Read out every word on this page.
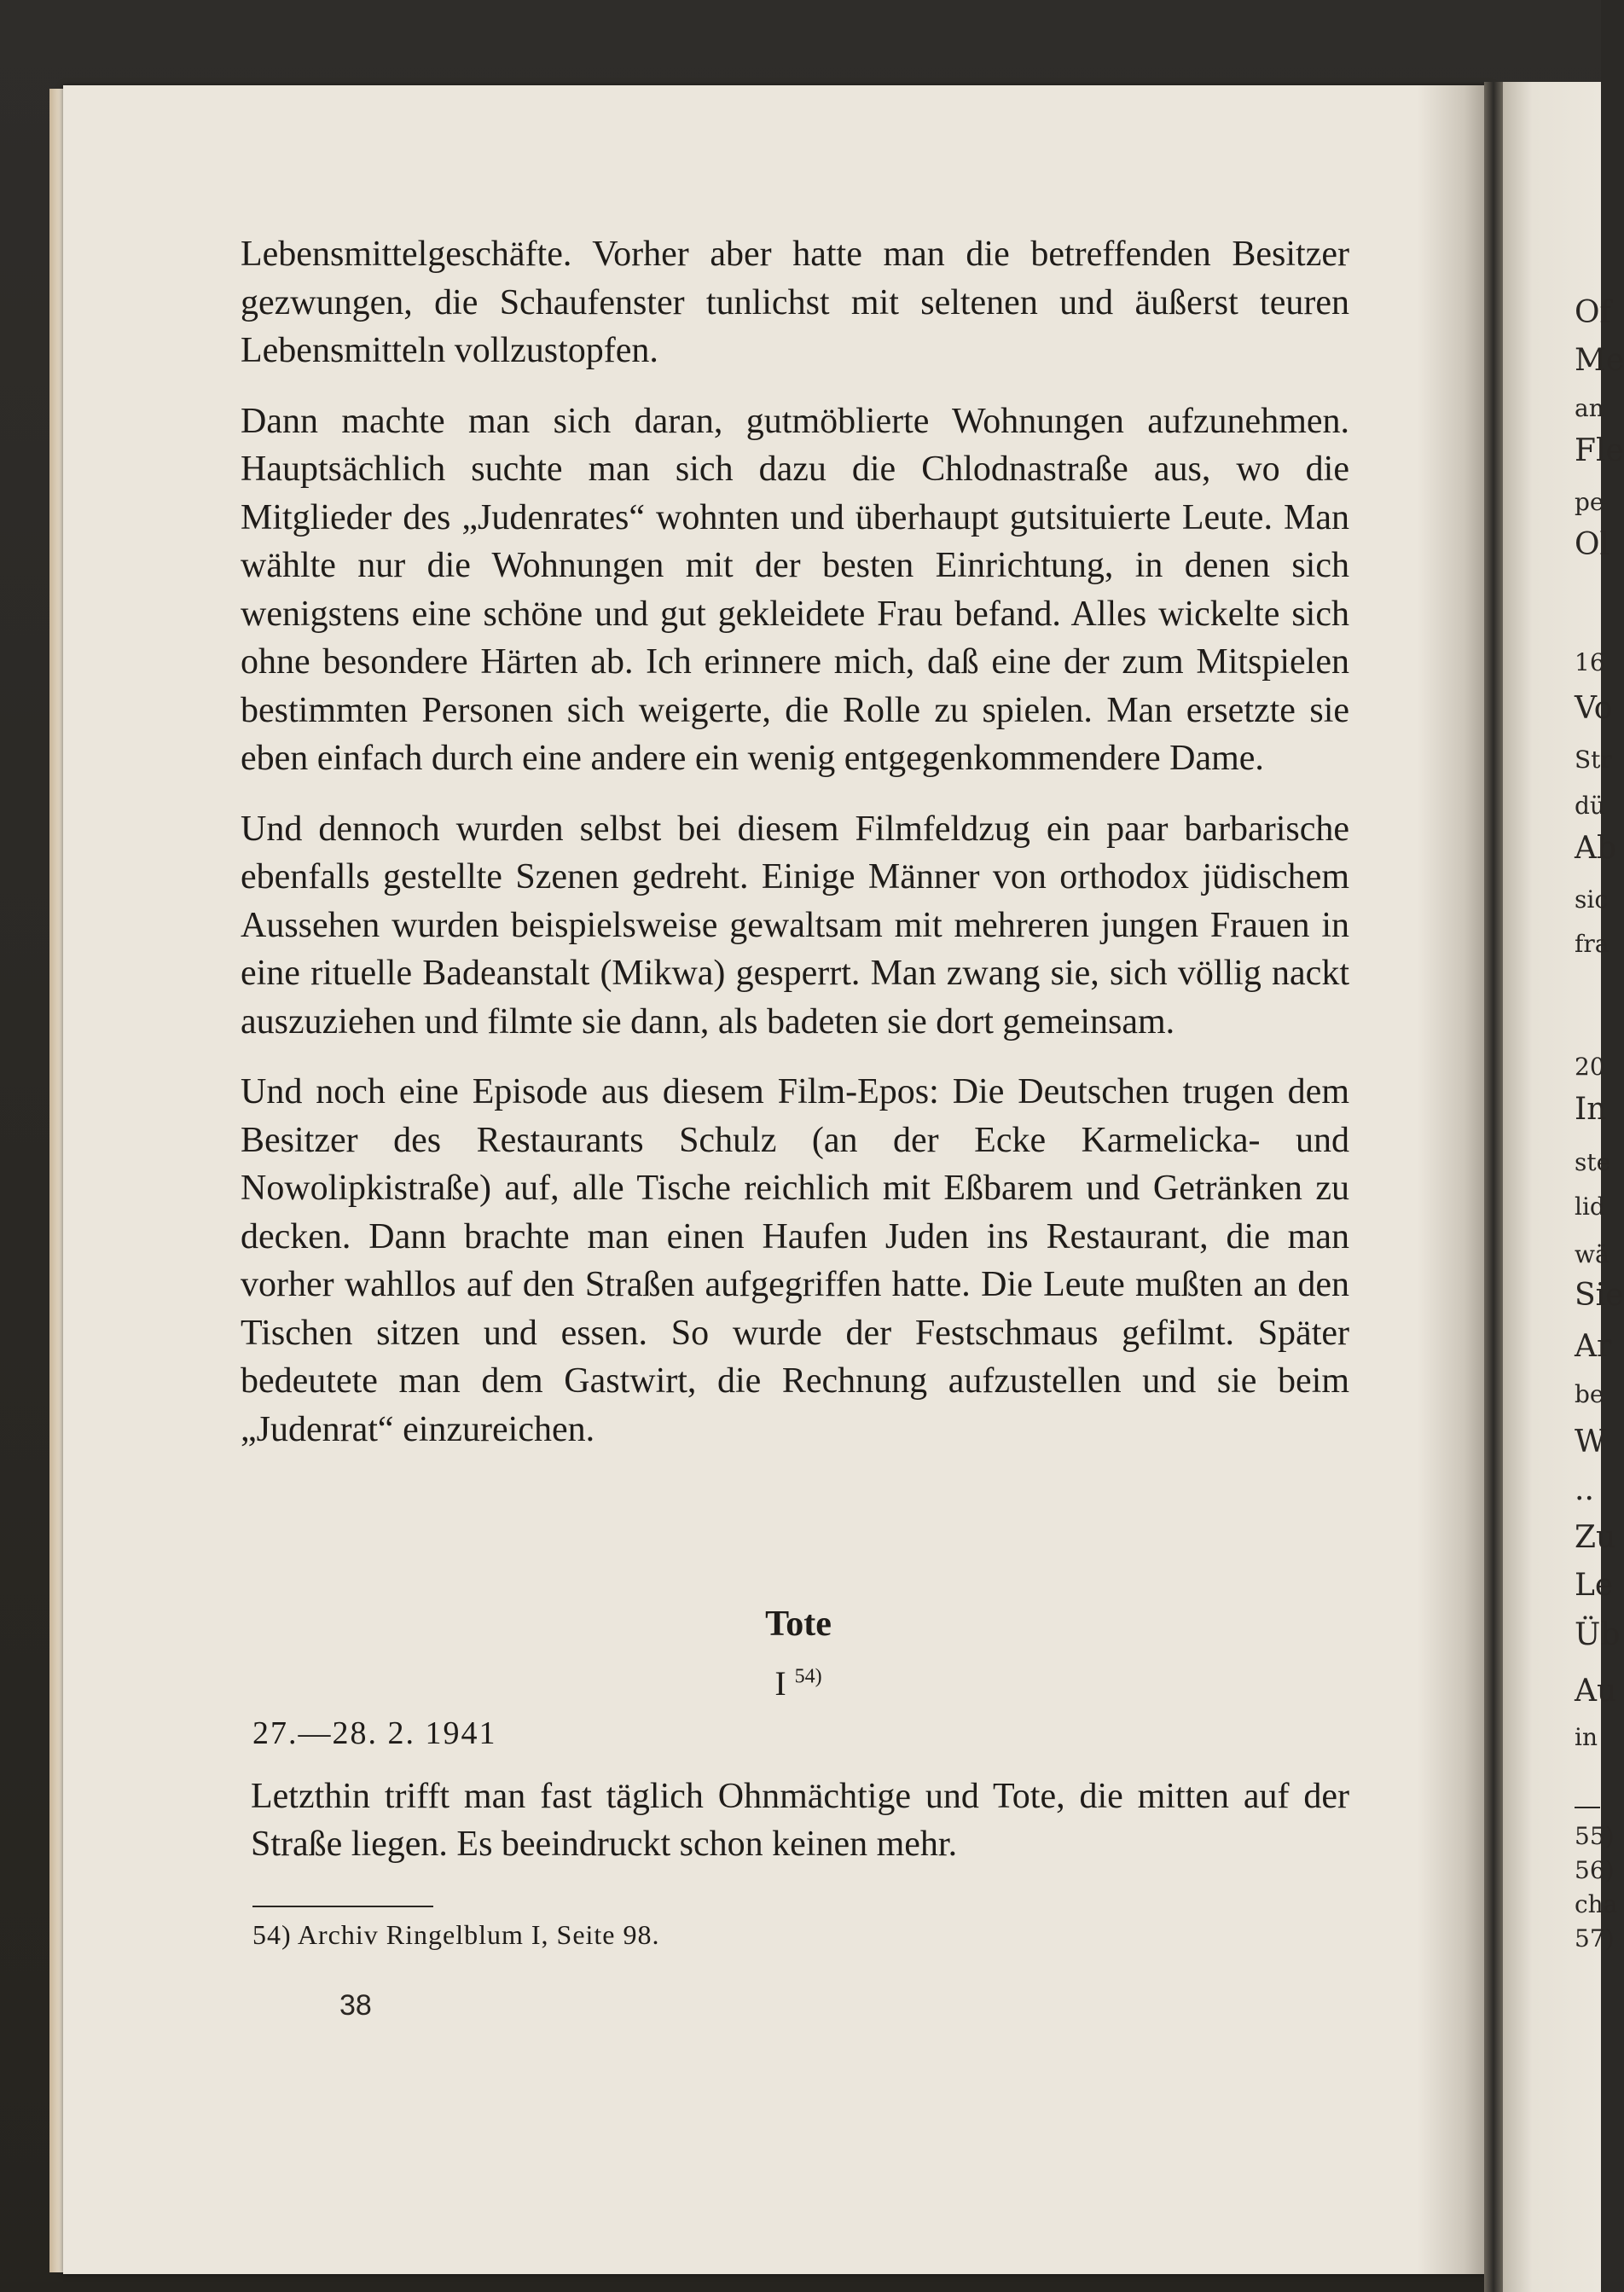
Of
Me
an
Fle
pe
Ol
16
Vo
Str
dü
Ab
sic
fra
20
In
ste
lid
wä
Sie
Ar
be
W
..
Zu
Le
Üb
Au
in
55)
56)
cha
57)

Lebensmittelgeschäfte. Vorher aber hatte man die betreffenden Besitzer gezwungen, die Schaufenster tunlichst mit seltenen und äußerst teuren Lebensmitteln vollzustopfen.

Dann machte man sich daran, gutmöblierte Wohnungen aufzunehmen. Hauptsächlich suchte man sich dazu die Chlodnastraße aus, wo die Mitglieder des „Judenrates“ wohnten und überhaupt gutsituierte Leute. Man wählte nur die Wohnungen mit der besten Einrichtung, in denen sich wenigstens eine schöne und gut gekleidete Frau befand. Alles wickelte sich ohne besondere Härten ab. Ich erinnere mich, daß eine der zum Mitspielen bestimmten Personen sich weigerte, die Rolle zu spielen. Man ersetzte sie eben einfach durch eine andere ein wenig entgegenkommendere Dame.

Und dennoch wurden selbst bei diesem Filmfeldzug ein paar barbarische ebenfalls gestellte Szenen gedreht. Einige Männer von orthodox jüdischem Aussehen wurden beispielsweise gewaltsam mit mehreren jungen Frauen in eine rituelle Badeanstalt (Mikwa) gesperrt. Man zwang sie, sich völlig nackt auszuziehen und filmte sie dann, als badeten sie dort gemeinsam.

Und noch eine Episode aus diesem Film-Epos: Die Deutschen trugen dem Besitzer des Restaurants Schulz (an der Ecke Karmelicka- und Nowolipkistraße) auf, alle Tische reichlich mit Eßbarem und Getränken zu decken. Dann brachte man einen Haufen Juden ins Restaurant, die man vorher wahllos auf den Straßen aufgegriffen hatte. Die Leute mußten an den Tischen sitzen und essen. So wurde der Festschmaus gefilmt. Später bedeutete man dem Gastwirt, die Rechnung aufzustellen und sie beim „Judenrat“ einzureichen.

Tote
I $^{54)}$
27.—28. 2. 1941
Letzthin trifft man fast täglich Ohnmächtige und Tote, die mitten auf der Straße liegen. Es beeindruckt schon keinen mehr.
54) Archiv Ringelblum I, Seite 98.
38
